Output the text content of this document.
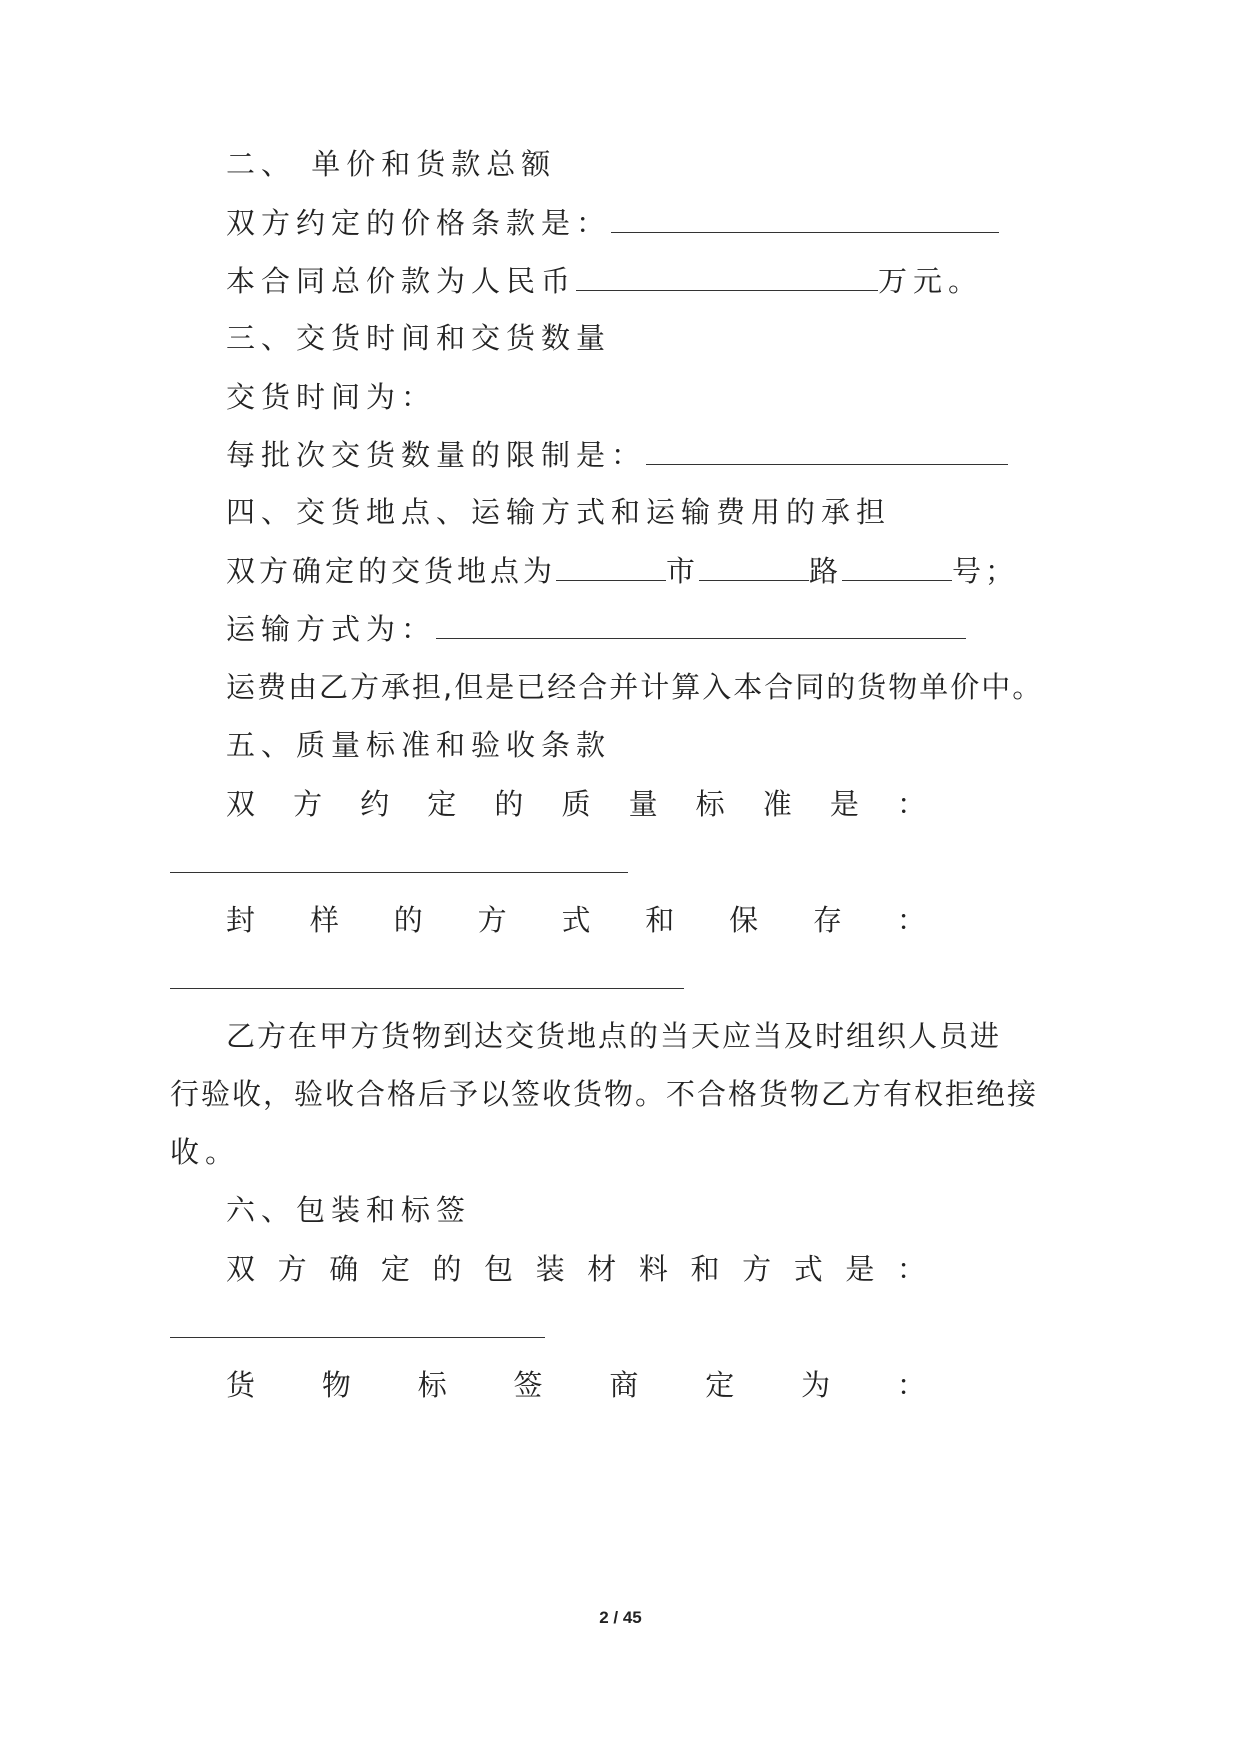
二、 单价和货款总额
双方约定的价格条款是：
本合同总价款为人民币	万元。
三、交货时间和交货数量
交货时间为：
每批次交货数量的限制是：
四、交货地点、运输方式和运输费用的承担
双方确定的交货地点为	市	路	号；
运输方式为：
运费由乙方承担,但是已经合并计算入本合同的货物单价中。
五、质量标准和验收条款
双 方 约 定 的 质 量 标 准 是 ：
封 样 的 方 式 和 保 存 ：
乙方在甲方货物到达交货地点的当天应当及时组织人员进
行验收，验收合格后予以签收货物。不合格货物乙方有权拒绝接
收。
六、包装和标签
双 方 确 定 的 包 装 材 料 和 方 式 是 ：
货 物 标 签 商 定 为 ：
2 / 45
